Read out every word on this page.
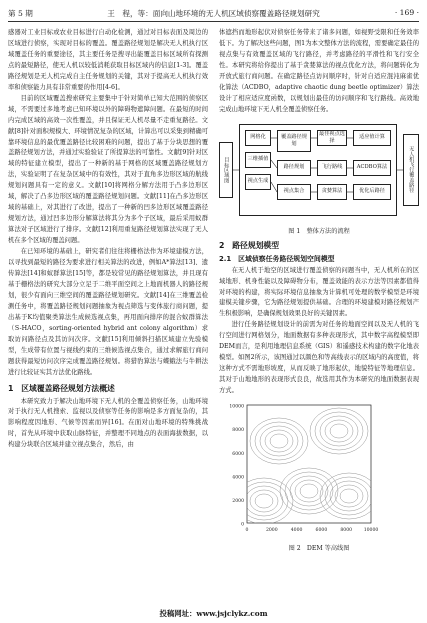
第 5 期	王　程，等：面向山地环境的无人机区域侦察覆盖路径规划研究	· 169 ·

感器对工业目标或农业目标进行自动化检测，通过对目标表面及周边的区域进行侦察，实现对目标的覆盖。覆盖路径规划是解决无人机执行区域覆盖任务的重要途径，其主要任务是搜寻出能覆盖目标区域所有探测点的最短路径，使无人机以较低消耗获取目标区域内的信息[1-3]。覆盖路径规划是无人机完成自主任务规划的关键，其对于提高无人机执行效率和侦察能力具有非常重要的作用[4-6]。

目前的区域覆盖搜索研究主要集中于针对简单已知大范围的侦察区域，不需要过多地考虑已知环境以外的障碍物遮障问题。在最短的时间内完成区域的高效一次性覆盖，并且保证无人机尽量不走重复路径。文献[8]针对面积规模大、环境情况复杂的区域，计算出可以采集到精确可靠环境信息的最优覆盖路径比较困难的问题，提出了基于分块思想的覆盖路径规划方法，并通过实验验证了所提算法的可靠性。文献[9]针对区域的特征建立模型，提出了一种新的基于网格的区域覆盖路径规划方法，实验证明了在复杂区域中的有效性，其对于直角多边形区域的航线规划问题具有一定的意义。文献[10]将网格分解方法用于凸多边形区域，解决了凸多边形区域的覆盖路径规划问题。文献[11]在凸多边形区域的基础上，对其进行了改进，提出了一种新的凹多边形区域覆盖路径规划方法，通过凹多边形分解算法将其分为多个子区域，最后采用蚁群算法对子区域进行了排序。文献[12]利用重复路径规划算法实现了无人机在多个区域的覆盖问题。

在已知环境的基础上，研究者们往往将栅格法作为环境建模方法，以寻找到最短的路径为要求进行相关算法的改进，例如A*算法[13]、遗传算法[14]和蚁群算法[15]等，都是较常见的路径规划算法，并且现有基于栅格法的研究大部分立足于二维平面空间之上地面机器人的路径规划，很少有面向三维空间的覆盖路径规划研究。文献[14]在三维覆盖检测任务中，将覆盖路径规划问题抽象为视点筛选与变体旅行商问题，提出基于K均值聚类算法生成候选视点集，再用面向排序的混合蚁群算法（S-HACO，sorting-oriented hybrid ant colony algorithm）求取访问路径点及其访问次序。文献[15]利用倾斜扫描区域建立先验模型，生成带有位置与视线约束的三维候选视点集合，通过求解旅行商问题获得最短访问次序完成覆盖路径规划。将猎豹算法与蝶蛾法与牛耕法进行比较证实其方法优化路线。

1　区域覆盖路径规划方法概述

本研究致力于解决山地环境下无人机的全覆盖侦察任务，山地环境对于执行无人机搜索、监视以及侦察等任务的影响是多方面复杂的，其影响程度因地形、气候等因素而异[16]。在面对山地环境的特殊挑战时，首先从环境中获取山脉特征，并整理不同地点的表面海拔数据，以构建分块联合区域并建立视点集合，然后，由

体遮挡而地形起伏对侦察任务带来了诸多问题，如视野受限和任务效率低下。为了解决这些问题，图1为本文整体方法的流程，需要确定最佳的视点集与有效覆盖区域的飞行路径，并考虑路径的平滑性和飞行安全性。本研究将给你提出了基于贪婪算法的视点优化方法，将问题转化为开放式旅行商问题。在确定路径点访问顺序时，针对自适应混沌麻雀优化算法（ACDBO，adaptive chaotic dung beetle optimizer）算法设计了相应适应度函数，以规划出最佳的访问顺序和飞行路线。高效地完成山地环境下无人机全覆盖侦察任务。

目标区域图
网格化
三维插值
视点生成
覆盖路径规划
最佳视点选择
适应值计算
路径规划	飞行路线
视点集合	贪婪算法
ACDBO算法
优化后路径	无人机飞行覆盖路径
图 1　整体方法的流程
2　路径规划模型
2.1　区域侦察任务路径规划空间模型

在无人机于地空的区域进行覆盖侦察的问题当中，无人机所在的区域地形、机身性能以及障碍物分布，覆盖效能的表示方法等因素都值得对环境的构建，将实际环境信息抽象为计算机可处理的数学模型是环境建模关键步骤，它为路径规划提供基础。合理的环境建模对路径规划产生积极影响，是确保规划效果良好的关键因素。

进行任务路径规划设计的前需为对任务的地面空间以及无人机的飞行空间进行网格划分，地面数据有多种表现形式，其中数字高程模型即DEM而言，是利用地理信息系统（GIS）和遥感技术构建的数字化地表模型。如图2所示，该图通过以颜色和等高线表示的区域内的高度值，将这种方式不需地形坡度，从而反映了地形起伏，地貌特征等地理信息。其对于山地地形的表现形式良良，故选用其作为本研究的地面数据表现方式。

10000
8000
6000
4000
2000
0
0	2000	4000	6000	8000	10000
图 2　DEM 等高线图
投稿网址：www.jsjclykz.com
